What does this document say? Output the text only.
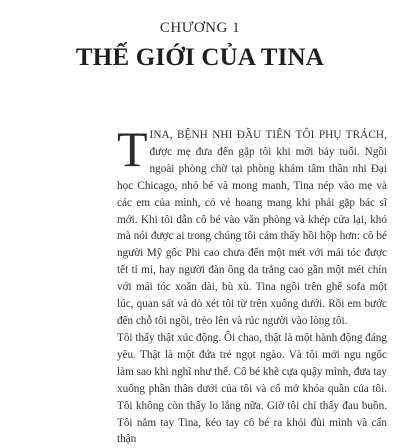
CHƯƠNG 1
THẾ GIỚI CỦA TINA
TINA, BỆNH NHI ĐẦU TIÊN TÔI PHỤ TRÁCH, được mẹ đưa đến gặp tôi khi mới bảy tuổi. Ngồi ngoài phòng chờ tại phòng khám tâm thần nhi Đại học Chicago, nhỏ bé và mong manh, Tina nép vào mẹ và các em của mình, có vẻ hoang mang khi phải gặp bác sĩ mới. Khi tôi dẫn cô bé vào văn phòng và khép cửa lại, khó mà nói được ai trong chúng tôi cảm thấy hồi hộp hơn: cô bé người Mỹ gốc Phi cao chưa đến một mét với mái tóc được tết tỉ mỉ, hay người đàn ông da trắng cao gần một mét chín với mái tóc xoăn dài, bù xù. Tina ngồi trên ghế sofa một lúc, quan sát và dò xét tôi từ trên xuống dưới. Rồi em bước đến chỗ tôi ngồi, trèo lên và rúc người vào lòng tôi.

Tôi thấy thật xúc động. Ôi chao, thật là một hành động đáng yêu. Thật là một đứa trẻ ngọt ngào. Và tôi mới ngu ngốc làm sao khi nghĩ như thế. Cô bé khẽ cựa quậy mình, đưa tay xuống phần thân dưới của tôi và cố mở khóa quần của tôi. Tôi không còn thấy lo lắng nữa. Giờ tôi chỉ thấy đau buồn. Tôi nắm tay Tina, kéo tay cô bé ra khỏi đùi mình và cẩn thận
